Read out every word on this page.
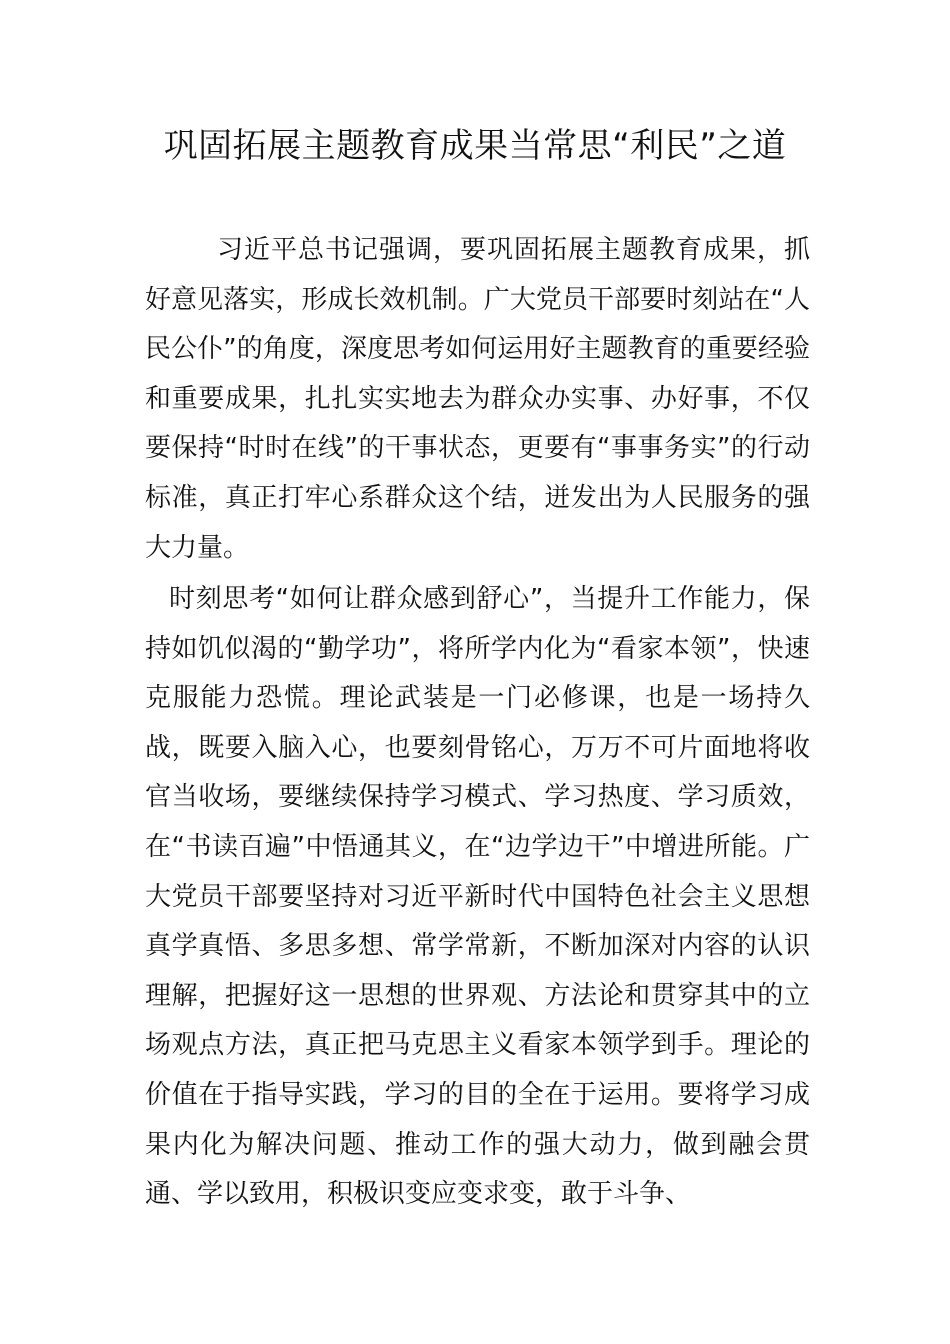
巩固拓展主题教育成果当常思“利民”之道

习近平总书记强调，要巩固拓展主题教育成果，抓好意见落实，形成长效机制。广大党员干部要时刻站在“人民公仆”的角度，深度思考如何运用好主题教育的重要经验和重要成果，扎扎实实地去为群众办实事、办好事，不仅要保持“时时在线”的干事状态，更要有“事事务实”的行动标准，真正打牢心系群众这个结，迸发出为人民服务的强大力量。

时刻思考“如何让群众感到舒心”，当提升工作能力，保持如饥似渴的“勤学功”，将所学内化为“看家本领”，快速克服能力恐慌。理论武装是一门必修课，也是一场持久战，既要入脑入心，也要刻骨铭心，万万不可片面地将收官当收场，要继续保持学习模式、学习热度、学习质效，在“书读百遍”中悟通其义，在“边学边干”中增进所能。广大党员干部要坚持对习近平新时代中国特色社会主义思想真学真悟、多思多想、常学常新，不断加深对内容的认识理解，把握好这一思想的世界观、方法论和贯穿其中的立场观点方法，真正把马克思主义看家本领学到手。理论的价值在于指导实践，学习的目的全在于运用。要将学习成果内化为解决问题、推动工作的强大动力，做到融会贯通、学以致用，积极识变应变求变，敢于斗争、
